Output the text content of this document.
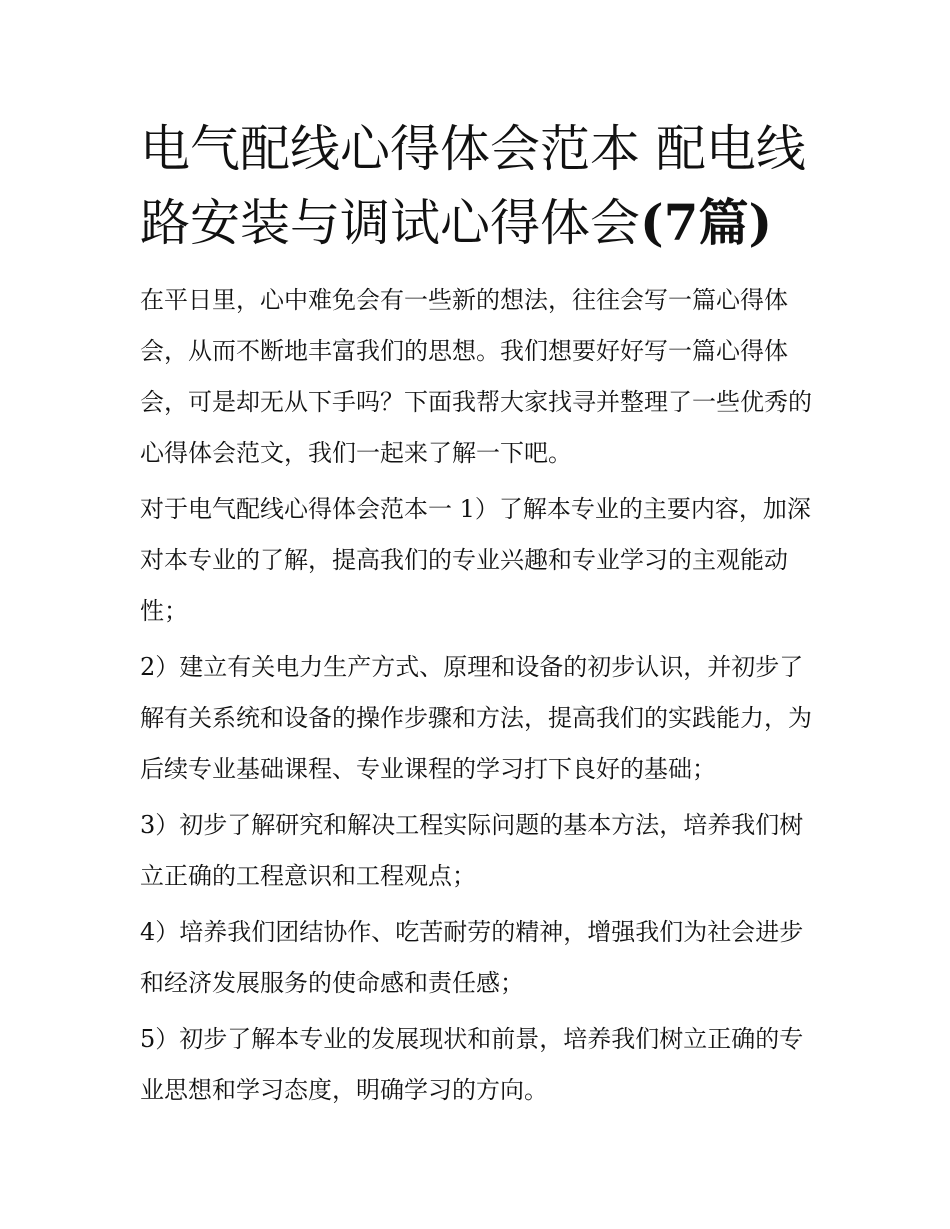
电气配线心得体会范本 配电线路安装与调试心得体会(7篇)

在平日里，心中难免会有一些新的想法，往往会写一篇心得体会，从而不断地丰富我们的思想。我们想要好好写一篇心得体会，可是却无从下手吗？下面我帮大家找寻并整理了一些优秀的心得体会范文，我们一起来了解一下吧。

对于电气配线心得体会范本一 1）了解本专业的主要内容，加深对本专业的了解，提高我们的专业兴趣和专业学习的主观能动性；

2）建立有关电力生产方式、原理和设备的初步认识，并初步了解有关系统和设备的操作步骤和方法，提高我们的实践能力，为后续专业基础课程、专业课程的学习打下良好的基础；

3）初步了解研究和解决工程实际问题的基本方法，培养我们树立正确的工程意识和工程观点；

4）培养我们团结协作、吃苦耐劳的精神，增强我们为社会进步和经济发展服务的使命感和责任感；

5）初步了解本专业的发展现状和前景，培养我们树立正确的专业思想和学习态度，明确学习的方向。
